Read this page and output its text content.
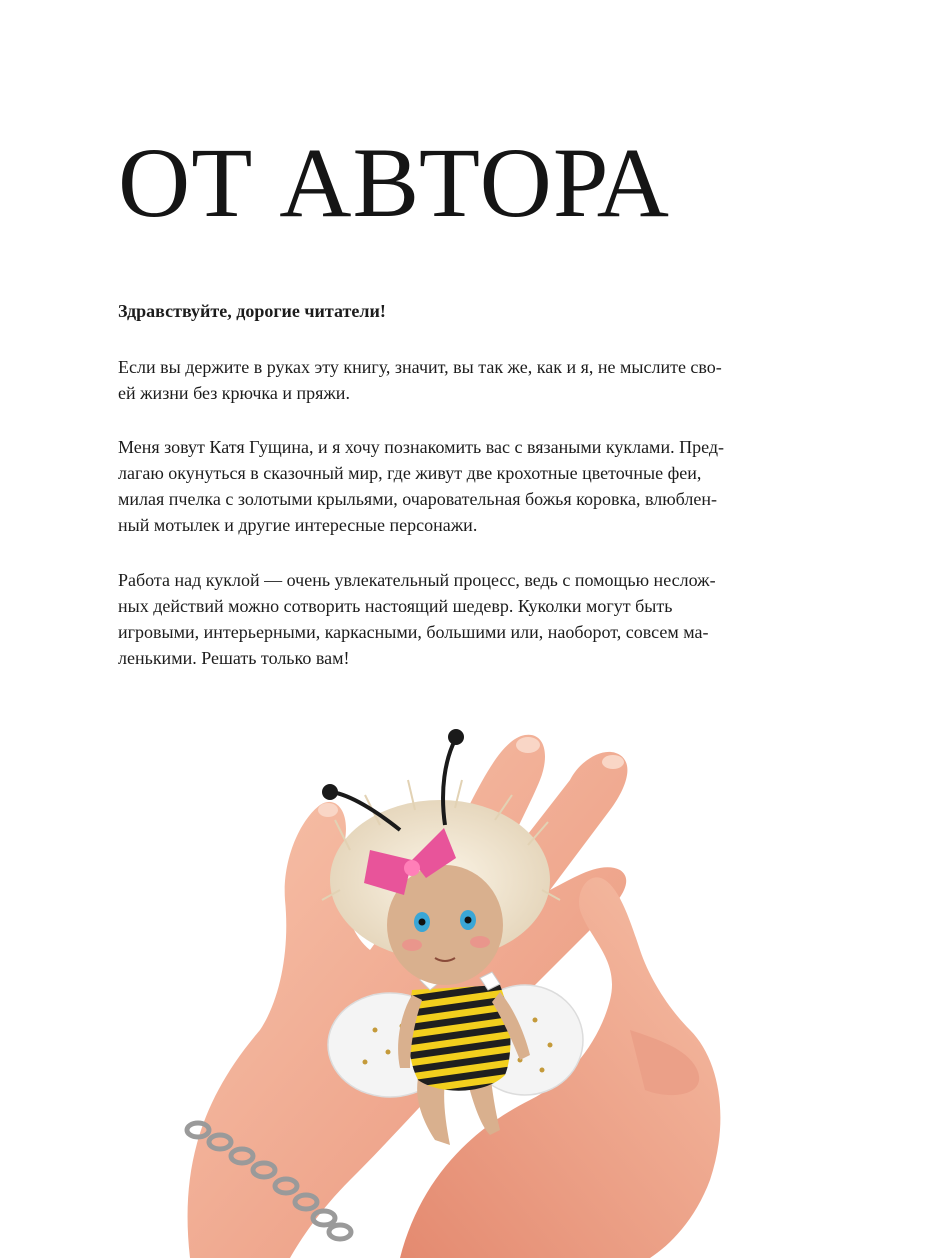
ОТ АВТОРА

Здравствуйте, дорогие читатели!

Если вы держите в руках эту книгу, значит, вы так же, как и я, не мыслите сво-
ей жизни без крючка и пряжи.

Меня зовут Катя Гущина, и я хочу познакомить вас с вязаными куклами. Пред-
лагаю окунуться в сказочный мир, где живут две крохотные цветочные феи,
милая пчелка с золотыми крыльями, очаровательная божья коровка, влюблен-
ный мотылек и другие интересные персонажи.

Работа над куклой — очень увлекательный процесс, ведь с помощью неслож-
ных действий можно сотворить настоящий шедевр. Куколки могут быть
игровыми, интерьерными, каркасными, большими или, наоборот, совсем ма-
ленькими. Решать только вам!
